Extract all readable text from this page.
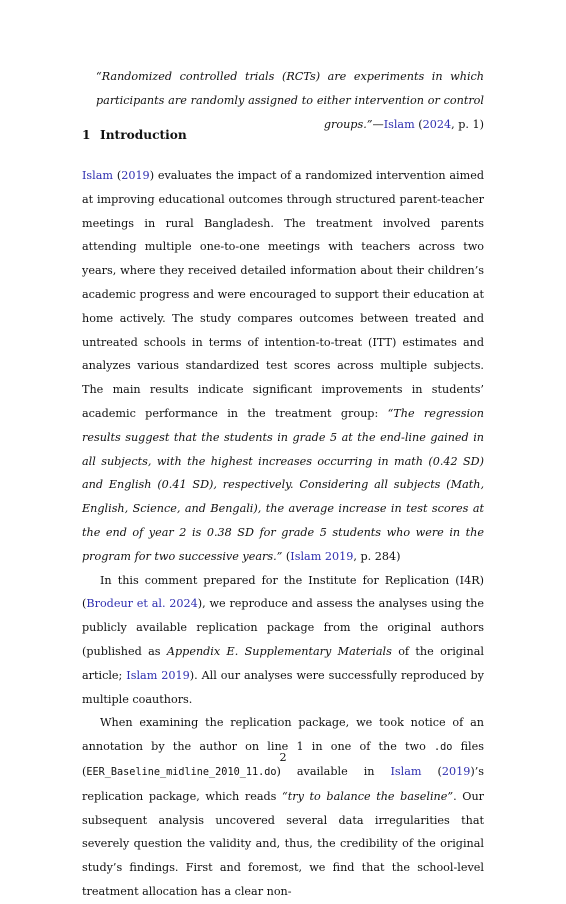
“Randomized controlled trials (RCTs) are experiments in which participants are randomly assigned to either intervention or control groups.”—Islam (2024, p. 1)
1 Introduction

Islam (2019) evaluates the impact of a randomized intervention aimed at improving educational outcomes through structured parent-teacher meetings in rural Bangladesh. The treatment involved parents attending multiple one-to-one meetings with teachers across two years, where they received detailed information about their children’s academic progress and were encouraged to support their education at home actively. The study compares outcomes between treated and untreated schools in terms of intention-to-treat (ITT) estimates and analyzes various standardized test scores across multiple subjects. The main results indicate significant improvements in students’ academic performance in the treatment group: “The regression results suggest that the students in grade 5 at the end-line gained in all subjects, with the highest increases occurring in math (0.42 SD) and English (0.41 SD), respectively. Considering all subjects (Math, English, Science, and Bengali), the average increase in test scores at the end of year 2 is 0.38 SD for grade 5 students who were in the program for two successive years.” (Islam 2019, p. 284)

In this comment prepared for the Institute for Replication (I4R) (Brodeur et al. 2024), we reproduce and assess the analyses using the publicly available replication package from the original authors (published as Appendix E. Supplementary Materials of the original article; Islam 2019). All our analyses were successfully reproduced by multiple coauthors.

When examining the replication package, we took notice of an annotation by the author on line 1 in one of the two .do files (EER_Baseline_midline_2010_11.do) available in Islam (2019)’s replication package, which reads “try to balance the baseline”. Our subsequent analysis uncovered several data irregularities that severely question the validity and, thus, the credibility of the original study’s findings. First and foremost, we find that the school-level treatment allocation has a clear non-

2
